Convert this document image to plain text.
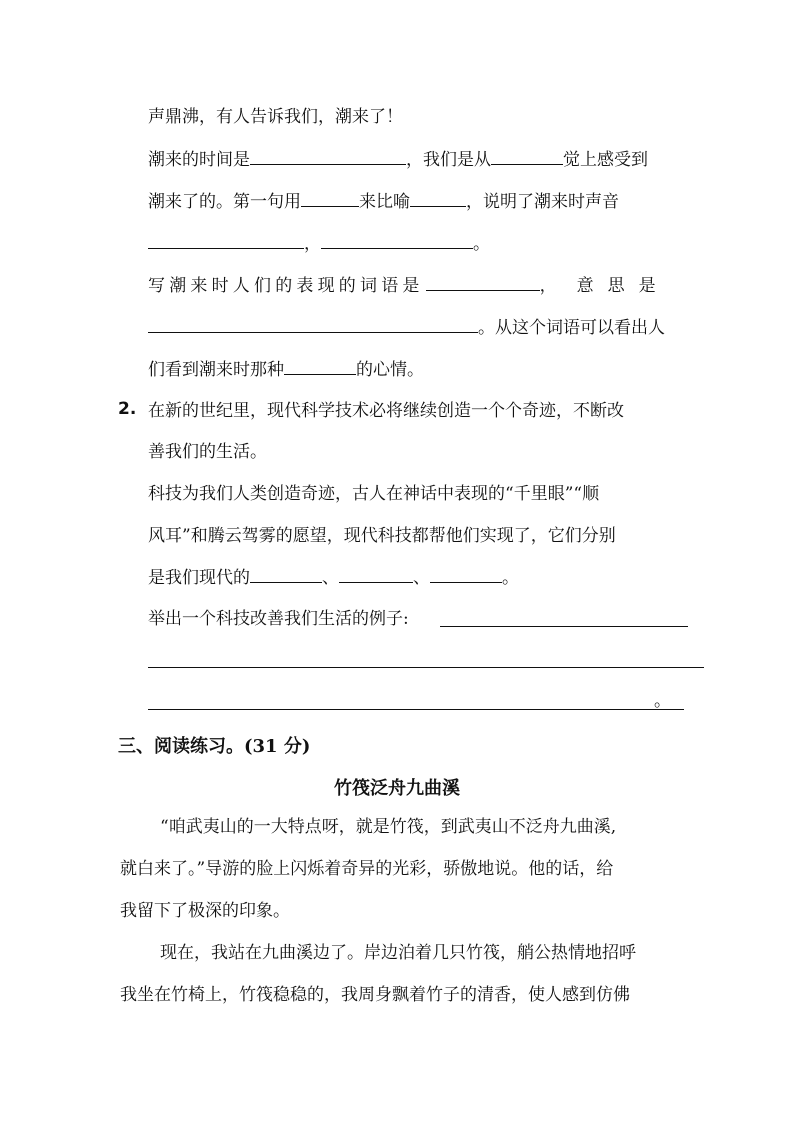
声鼎沸，有人告诉我们，潮来了！
潮来的时间是	，我们是从	觉上感受到
潮来了的。第一句用	来比喻	，说明了潮来时声音
，	。
写潮来时人们的表现的词语是	， 意 思 是
。从这个词语可以看出人
们看到潮来时那种	的心情。
2. 在新的世纪里，现代科学技术必将继续创造一个个奇迹，不断改
善我们的生活。
科技为我们人类创造奇迹，古人在神话中表现的“千里眼”“顺
风耳”和腾云驾雾的愿望，现代科技都帮他们实现了，它们分别
是我们现代的	、	、	。
举出一个科技改善我们生活的例子:
。
三、阅读练习。(31 分)
竹筏泛舟九曲溪
“咱武夷山的一大特点呀，就是竹筏，到武夷山不泛舟九曲溪,
就白来了。”导游的脸上闪烁着奇异的光彩，骄傲地说。他的话，给
我留下了极深的印象。
现在，我站在九曲溪边了。岸边泊着几只竹筏，艄公热情地招呼
我坐在竹椅上，竹筏稳稳的，我周身飘着竹子的清香，使人感到仿佛
